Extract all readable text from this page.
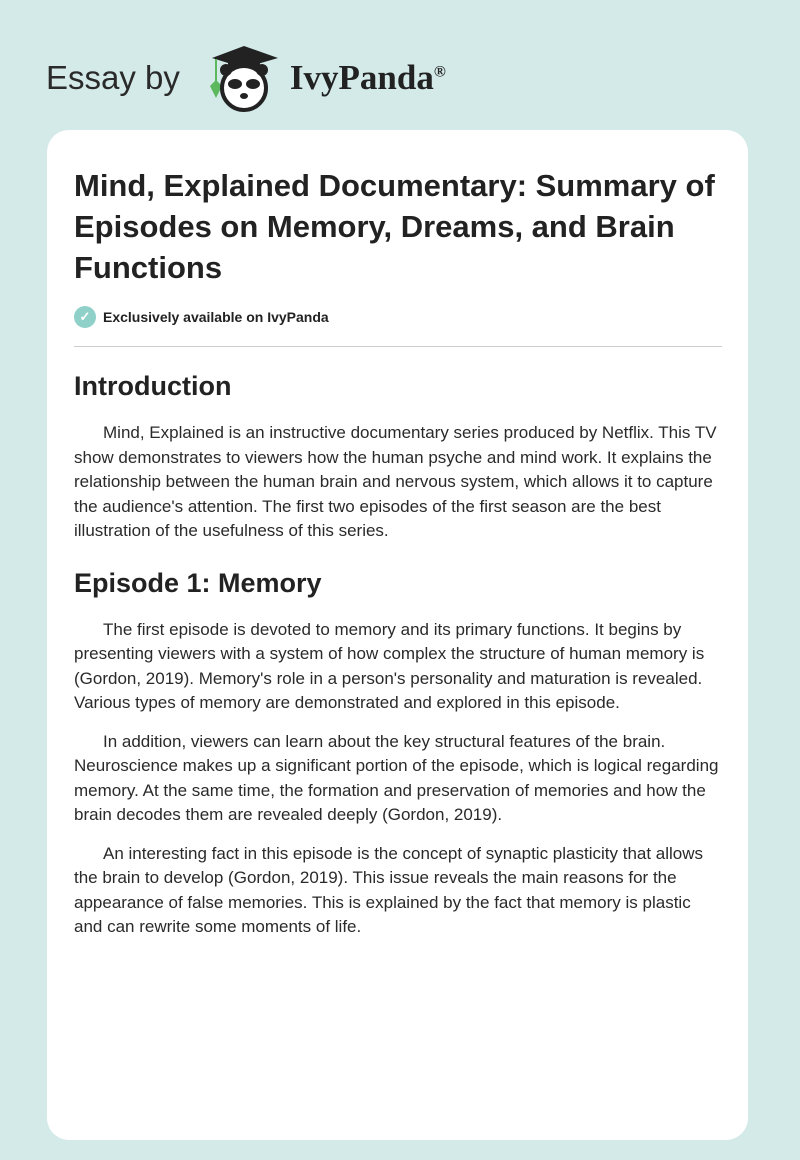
Essay by	IvyPanda®
Mind, Explained Documentary: Summary of Episodes on Memory, Dreams, and Brain Functions
✓ Exclusively available on IvyPanda
Introduction

Mind, Explained is an instructive documentary series produced by Netflix. This TV show demonstrates to viewers how the human psyche and mind work. It explains the relationship between the human brain and nervous system, which allows it to capture the audience's attention. The first two episodes of the first season are the best illustration of the usefulness of this series.

Episode 1: Memory

The first episode is devoted to memory and its primary functions. It begins by presenting viewers with a system of how complex the structure of human memory is (Gordon, 2019). Memory's role in a person's personality and maturation is revealed. Various types of memory are demonstrated and explored in this episode.

In addition, viewers can learn about the key structural features of the brain. Neuroscience makes up a significant portion of the episode, which is logical regarding memory. At the same time, the formation and preservation of memories and how the brain decodes them are revealed deeply (Gordon, 2019).

An interesting fact in this episode is the concept of synaptic plasticity that allows the brain to develop (Gordon, 2019). This issue reveals the main reasons for the appearance of false memories. This is explained by the fact that memory is plastic and can rewrite some moments of life.
